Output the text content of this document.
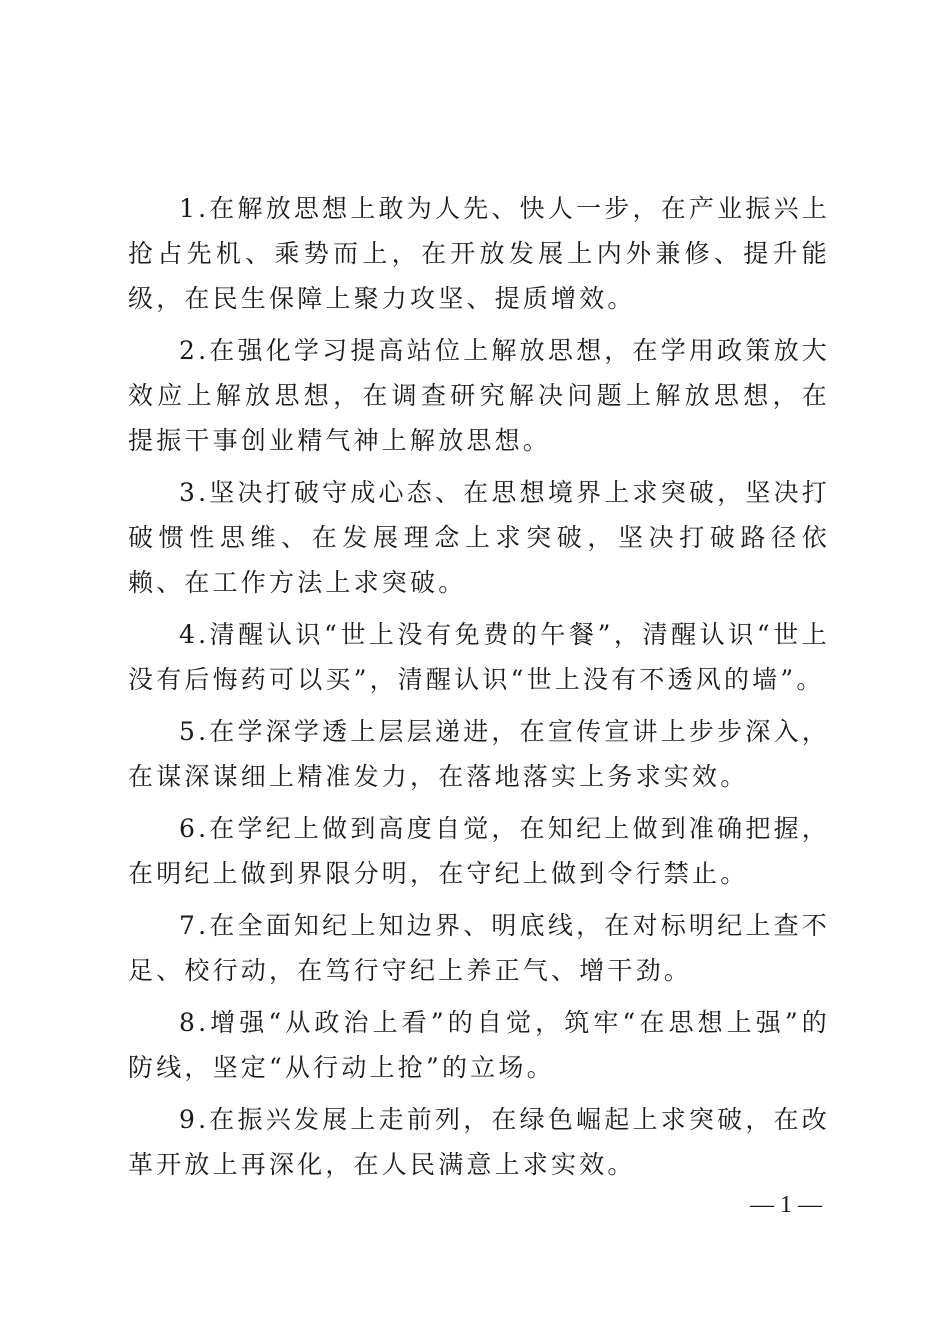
1.在解放思想上敢为人先、快人一步，在产业振兴上抢占先机、乘势而上，在开放发展上内外兼修、提升能级，在民生保障上聚力攻坚、提质增效。

2.在强化学习提高站位上解放思想，在学用政策放大效应上解放思想，在调查研究解决问题上解放思想，在提振干事创业精气神上解放思想。

3.坚决打破守成心态、在思想境界上求突破，坚决打破惯性思维、在发展理念上求突破，坚决打破路径依赖、在工作方法上求突破。

4.清醒认识“世上没有免费的午餐”，清醒认识“世上没有后悔药可以买”，清醒认识“世上没有不透风的墙”。

5.在学深学透上层层递进，在宣传宣讲上步步深入，在谋深谋细上精准发力，在落地落实上务求实效。

6.在学纪上做到高度自觉，在知纪上做到准确把握，在明纪上做到界限分明，在守纪上做到令行禁止。

7.在全面知纪上知边界、明底线，在对标明纪上查不足、校行动，在笃行守纪上养正气、增干劲。

8.增强“从政治上看”的自觉，筑牢“在思想上强”的防线，坚定“从行动上抢”的立场。

9.在振兴发展上走前列，在绿色崛起上求突破，在改革开放上再深化，在人民满意上求实效。

— 1 —
